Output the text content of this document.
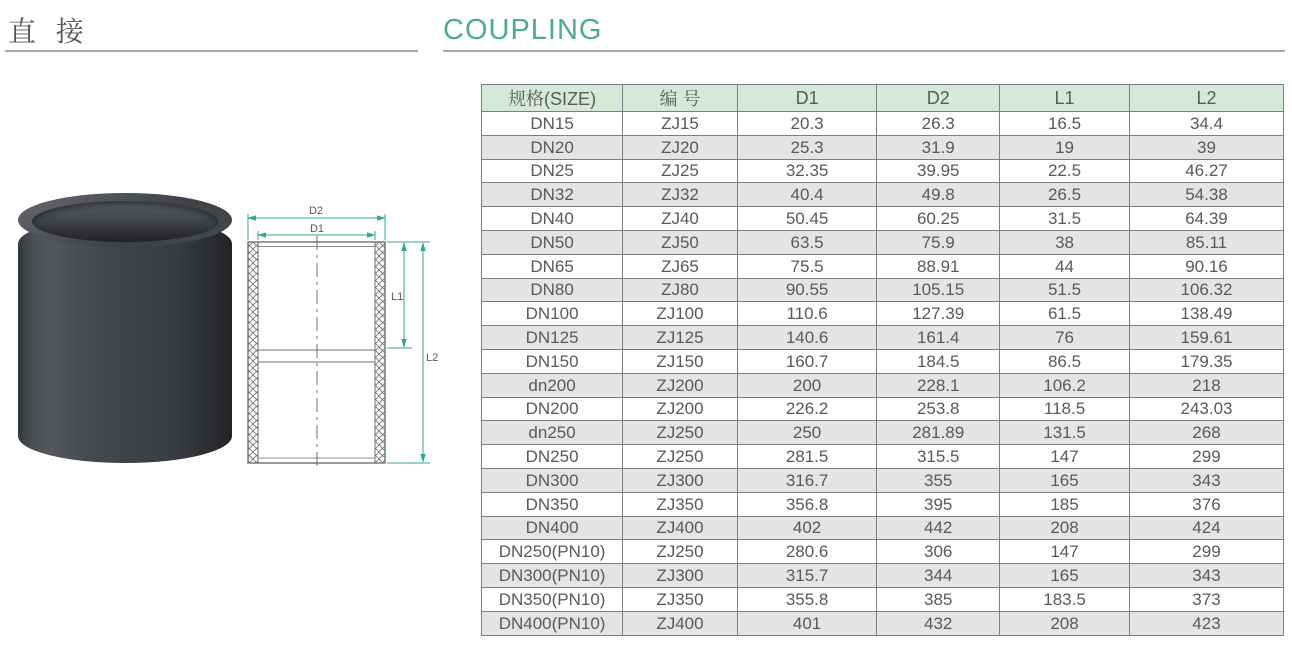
直 接	COUPLING
D2
D1
L1
L2
规格(SIZE)	编 号	D1	D2	L1	L2
DN15	ZJ15	20.3	26.3	16.5	34.4
DN20	ZJ20	25.3	31.9	19	39
DN25	ZJ25	32.35	39.95	22.5	46.27
DN32	ZJ32	40.4	49.8	26.5	54.38
DN40	ZJ40	50.45	60.25	31.5	64.39
DN50	ZJ50	63.5	75.9	38	85.11
DN65	ZJ65	75.5	88.91	44	90.16
DN80	ZJ80	90.55	105.15	51.5	106.32
DN100	ZJ100	110.6	127.39	61.5	138.49
DN125	ZJ125	140.6	161.4	76	159.61
DN150	ZJ150	160.7	184.5	86.5	179.35
dn200	ZJ200	200	228.1	106.2	218
DN200	ZJ200	226.2	253.8	118.5	243.03
dn250	ZJ250	250	281.89	131.5	268
DN250	ZJ250	281.5	315.5	147	299
DN300	ZJ300	316.7	355	165	343
DN350	ZJ350	356.8	395	185	376
DN400	ZJ400	402	442	208	424
DN250(PN10)	ZJ250	280.6	306	147	299
DN300(PN10)	ZJ300	315.7	344	165	343
DN350(PN10)	ZJ350	355.8	385	183.5	373
DN400(PN10)	ZJ400	401	432	208	423
